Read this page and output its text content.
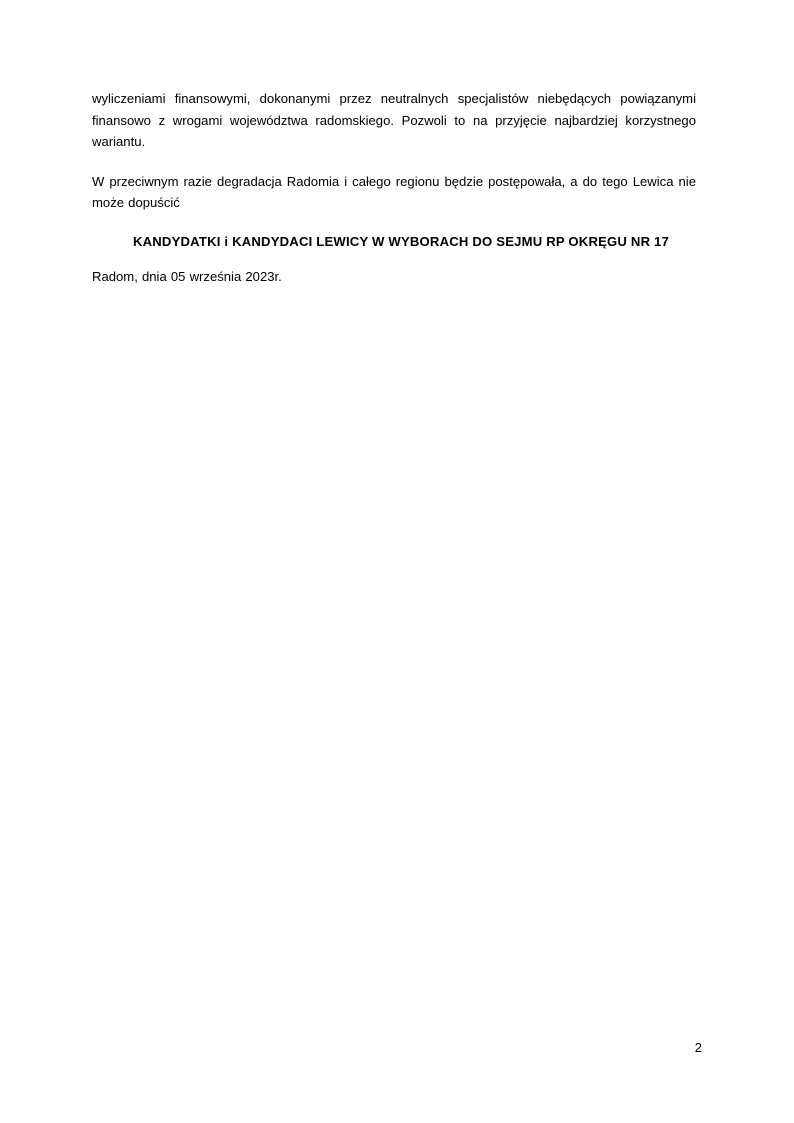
wyliczeniami finansowymi, dokonanymi przez neutralnych specjalistów niebędących powiązanymi finansowo z wrogami województwa radomskiego. Pozwoli to na przyjęcie najbardziej korzystnego wariantu.

W przeciwnym razie degradacja Radomia i całego regionu będzie postępowała, a do tego Lewica nie może dopuścić

KANDYDATKI i KANDYDACI LEWICY W WYBORACH DO SEJMU RP OKRĘGU NR 17

Radom, dnia 05 września 2023r.

2
